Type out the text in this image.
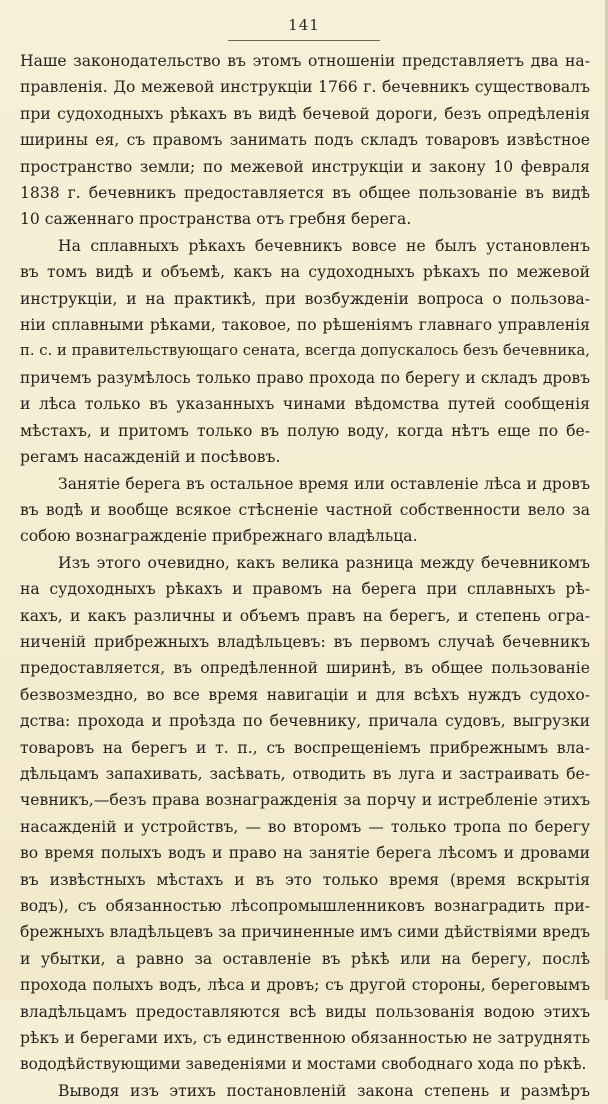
141
Наше законодательство въ этомъ отношенiи представляетъ два на-
правленiя. До межевой инструкцiи 1766 г. бечевникъ существовалъ
при судоходныхъ рѣкахъ въ видѣ бечевой дороги, безъ опредѣленiя
ширины ея, съ правомъ занимать подъ складъ товаровъ извѣстное
пространство земли; по межевой инструкцiи и закону 10 февраля
1838 г. бечевникъ предоставляется въ общее пользованiе въ видѣ
10 саженнаго пространства отъ гребня берега.
На сплавныхъ рѣкахъ бечевникъ вовсе не былъ установленъ
въ томъ видѣ и объемѣ, какъ на судоходныхъ рѣкахъ по межевой
инструкцiи, и на практикѣ, при возбужденiи вопроса о пользова-
нiи сплавными рѣками, таковое, по рѣшенiямъ главнаго управленiя
п. с. и правительствующаго сената, всегда допускалось безъ бечевника,
причемъ разумѣлось только право прохода по берегу и складъ дровъ
и лѣса только въ указанныхъ чинами вѣдомства путей сообщенiя
мѣстахъ, и притомъ только въ полую воду, когда нѣтъ еще по бе-
регамъ насажденiй и посѣвовъ.
Занятiе берега въ остальное время или оставленiе лѣса и дровъ
въ водѣ и вообще всякое стѣсненiе частной собственности вело за
собою вознагражденiе прибрежнаго владѣльца.
Изъ этого очевидно, какъ велика разница между бечевникомъ
на судоходныхъ рѣкахъ и правомъ на берега при сплавныхъ рѣ-
кахъ, и какъ различны и объемъ правъ на берегъ, и степень огра-
ниченiй прибрежныхъ владѣльцевъ: въ первомъ случаѣ бечевникъ
предоставляется, въ опредѣленной ширинѣ, въ общее пользованiе
безвозмездно, во все время навигацiи и для всѣхъ нуждъ судохо-
дства: прохода и проѣзда по бечевнику, причала судовъ, выгрузки
товаровъ на берегъ и т. п., съ воспрещенiемъ прибрежнымъ вла-
дѣльцамъ запахивать, засѣвать, отводить въ луга и застраивать бе-
чевникъ,—безъ права вознагражденiя за порчу и истребленiе этихъ
насажденiй и устройствъ, — во второмъ — только тропа по берегу
во время полыхъ водъ и право на занятiе берега лѣсомъ и дровами
въ извѣстныхъ мѣстахъ и въ это только время (время вскрытiя
водъ), съ обязанностью лѣсопромышленниковъ вознаградить при-
брежныхъ владѣльцевъ за причиненные имъ сими дѣйствiями вредъ
и убытки, а равно за оставленiе въ рѣкѣ или на берегу, послѣ
прохода полыхъ водъ, лѣса и дровъ; съ другой стороны, береговымъ
владѣльцамъ предоставляются всѣ виды пользованiя водою этихъ
рѣкъ и берегами ихъ, съ единственною обязанностью не затруднять
вододѣйствующими заведенiями и мостами свободнаго хода по рѣкѣ.
Выводя изъ этихъ постановленiй закона степень и размѣръ
